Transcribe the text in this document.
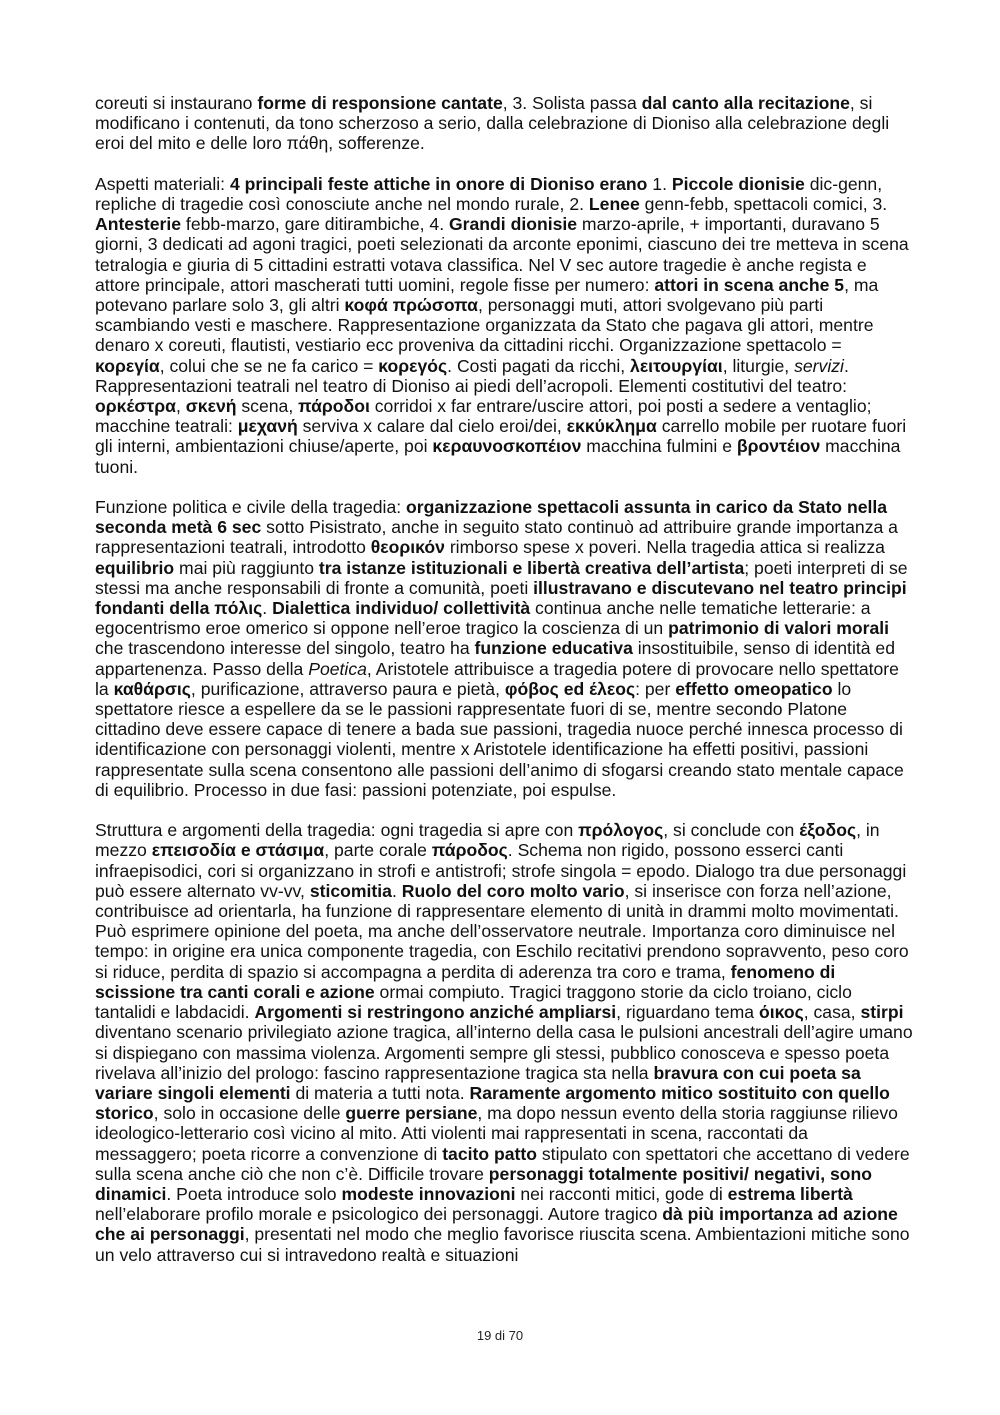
coreuti si instaurano forme di responsione cantate, 3. Solista passa dal canto alla recitazione, si modificano i contenuti, da tono scherzoso a serio, dalla celebrazione di Dioniso alla celebrazione degli eroi del mito e delle loro πάθη, sofferenze.

Aspetti materiali: 4 principali feste attiche in onore di Dioniso erano 1. Piccole dionisie dic-genn, repliche di tragedie così conosciute anche nel mondo rurale, 2. Lenee genn-febb, spettacoli comici, 3. Antesterie febb-marzo, gare ditirambiche, 4. Grandi dionisie marzo-aprile, + importanti, duravano 5 giorni, 3 dedicati ad agoni tragici, poeti selezionati da arconte eponimi, ciascuno dei tre metteva in scena tetralogia e giuria di 5 cittadini estratti votava classifica. Nel V sec autore tragedie è anche regista e attore principale, attori mascherati tutti uomini, regole fisse per numero: attori in scena anche 5, ma potevano parlare solo 3, gli altri κοφά πρώσοπα, personaggi muti, attori svolgevano più parti scambiando vesti e maschere. Rappresentazione organizzata da Stato che pagava gli attori, mentre denaro x coreuti, flautisti, vestiario ecc proveniva da cittadini ricchi. Organizzazione spettacolo = κορεγία, colui che se ne fa carico = κορεγός. Costi pagati da ricchi, λειτουργίαι, liturgie, servizi. Rappresentazioni teatrali nel teatro di Dioniso ai piedi dell’acropoli. Elementi costitutivi del teatro: ορκέστρα, σκενή scena, πάροδοι corridoi x far entrare/uscire attori, poi posti a sedere a ventaglio; macchine teatrali: μεχανή serviva x calare dal cielo eroi/dei, εκκύκλημα carrello mobile per ruotare fuori gli interni, ambientazioni chiuse/aperte, poi κεραυνοσκοπέιον macchina fulmini e βροντέιον macchina tuoni.

Funzione politica e civile della tragedia: organizzazione spettacoli assunta in carico da Stato nella seconda metà 6 sec sotto Pisistrato, anche in seguito stato continuò ad attribuire grande importanza a rappresentazioni teatrali, introdotto θεορικόν rimborso spese x poveri. Nella tragedia attica si realizza equilibrio mai più raggiunto tra istanze istituzionali e libertà creativa dell’artista; poeti interpreti di se stessi ma anche responsabili di fronte a comunità, poeti illustravano e discutevano nel teatro principi fondanti della πόλις. Dialettica individuo/ collettività continua anche nelle tematiche letterarie: a egocentrismo eroe omerico si oppone nell’eroe tragico la coscienza di un patrimonio di valori morali che trascendono interesse del singolo, teatro ha funzione educativa insostituibile, senso di identità ed appartenenza. Passo della Poetica, Aristotele attribuisce a tragedia potere di provocare nello spettatore la καθάρσις, purificazione, attraverso paura e pietà, φόβος ed έλεος: per effetto omeopatico lo spettatore riesce a espellere da se le passioni rappresentate fuori di se, mentre secondo Platone cittadino deve essere capace di tenere a bada sue passioni, tragedia nuoce perché innesca processo di identificazione con personaggi violenti, mentre x Aristotele identificazione ha effetti positivi, passioni rappresentate sulla scena consentono alle passioni dell’animo di sfogarsi creando stato mentale capace di equilibrio. Processo in due fasi: passioni potenziate, poi espulse.

Struttura e argomenti della tragedia: ogni tragedia si apre con πρόλογος, si conclude con έξοδος, in mezzo επεισοδία e στάσιμα, parte corale πάροδος. Schema non rigido, possono esserci canti infraepisodici, cori si organizzano in strofi e antistrofi; strofe singola = epodo. Dialogo tra due personaggi può essere alternato vv-vv, sticomitia. Ruolo del coro molto vario, si inserisce con forza nell’azione, contribuisce ad orientarla, ha funzione di rappresentare elemento di unità in drammi molto movimentati. Può esprimere opinione del poeta, ma anche dell’osservatore neutrale. Importanza coro diminuisce nel tempo: in origine era unica componente tragedia, con Eschilo recitativi prendono sopravvento, peso coro si riduce, perdita di spazio si accompagna a perdita di aderenza tra coro e trama, fenomeno di scissione tra canti corali e azione ormai compiuto. Tragici traggono storie da ciclo troiano, ciclo tantalidi e labdacidi. Argomenti si restringono anziché ampliarsi, riguardano tema όικος, casa, stirpi diventano scenario privilegiato azione tragica, all’interno della casa le pulsioni ancestrali dell’agire umano si dispiegano con massima violenza. Argomenti sempre gli stessi, pubblico conosceva e spesso poeta rivelava all’inizio del prologo: fascino rappresentazione tragica sta nella bravura con cui poeta sa variare singoli elementi di materia a tutti nota. Raramente argomento mitico sostituito con quello storico, solo in occasione delle guerre persiane, ma dopo nessun evento della storia raggiunse rilievo ideologico-letterario così vicino al mito. Atti violenti mai rappresentati in scena, raccontati da messaggero; poeta ricorre a convenzione di tacito patto stipulato con spettatori che accettano di vedere sulla scena anche ciò che non c’è. Difficile trovare personaggi totalmente positivi/ negativi, sono dinamici. Poeta introduce solo modeste innovazioni nei racconti mitici, gode di estrema libertà nell’elaborare profilo morale e psicologico dei personaggi. Autore tragico dà più importanza ad azione che ai personaggi, presentati nel modo che meglio favorisce riuscita scena. Ambientazioni mitiche sono un velo attraverso cui si intravedono realtà e situazioni

19 di 70
